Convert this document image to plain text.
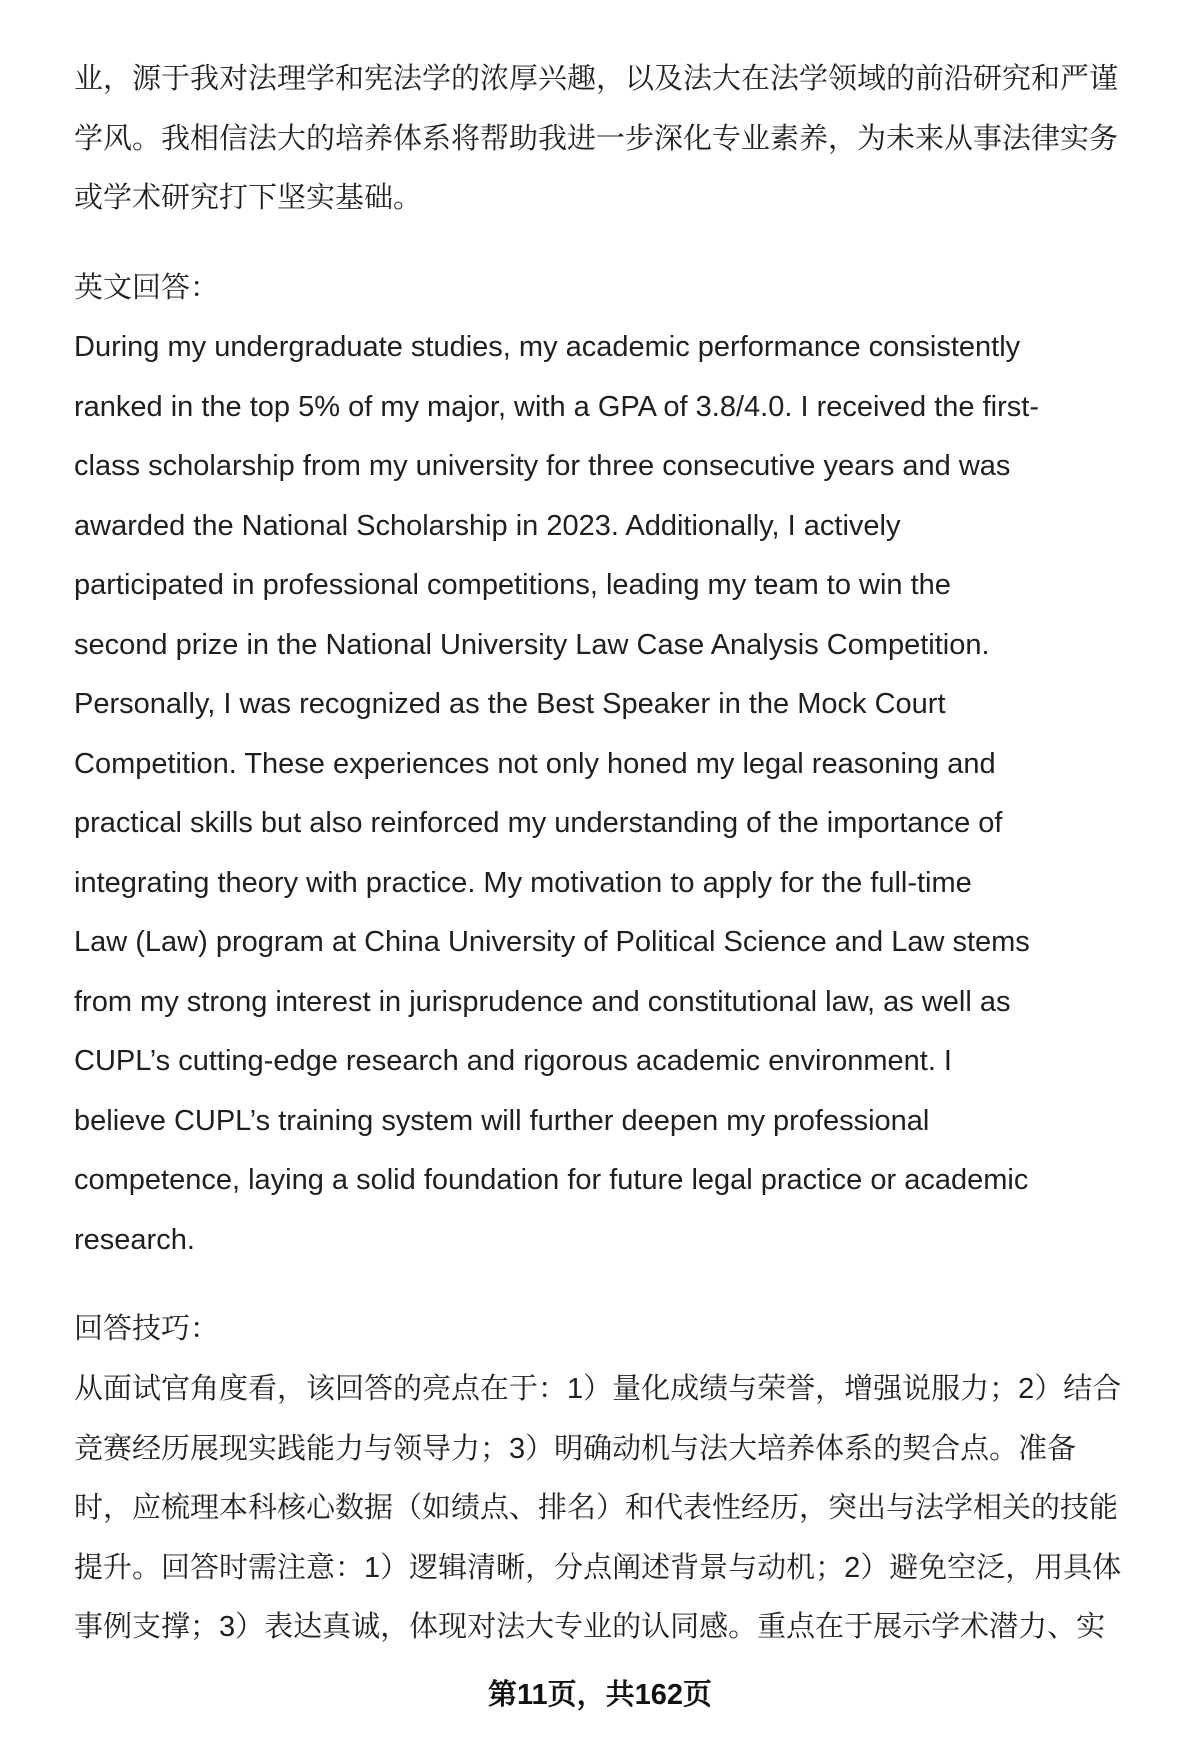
业，源于我对法理学和宪法学的浓厚兴趣，以及法大在法学领域的前沿研究和严谨
学风。我相信法大的培养体系将帮助我进一步深化专业素养，为未来从事法律实务
或学术研究打下坚实基础。
英文回答：
During my undergraduate studies, my academic performance consistently
ranked in the top 5% of my major, with a GPA of 3.8/4.0. I received the first-
class scholarship from my university for three consecutive years and was
awarded the National Scholarship in 2023. Additionally, I actively
participated in professional competitions, leading my team to win the
second prize in the National University Law Case Analysis Competition.
Personally, I was recognized as the Best Speaker in the Mock Court
Competition. These experiences not only honed my legal reasoning and
practical skills but also reinforced my understanding of the importance of
integrating theory with practice. My motivation to apply for the full-time
Law (Law) program at China University of Political Science and Law stems
from my strong interest in jurisprudence and constitutional law, as well as
CUPL’s cutting-edge research and rigorous academic environment. I
believe CUPL’s training system will further deepen my professional
competence, laying a solid foundation for future legal practice or academic
research.
回答技巧：
从面试官角度看，该回答的亮点在于：1）量化成绩与荣誉，增强说服力；2）结合
竞赛经历展现实践能力与领导力；3）明确动机与法大培养体系的契合点。准备
时，应梳理本科核心数据（如绩点、排名）和代表性经历，突出与法学相关的技能
提升。回答时需注意：1）逻辑清晰，分点阐述背景与动机；2）避免空泛，用具体
事例支撑；3）表达真诚，体现对法大专业的认同感。重点在于展示学术潜力、实
第11页，共162页
